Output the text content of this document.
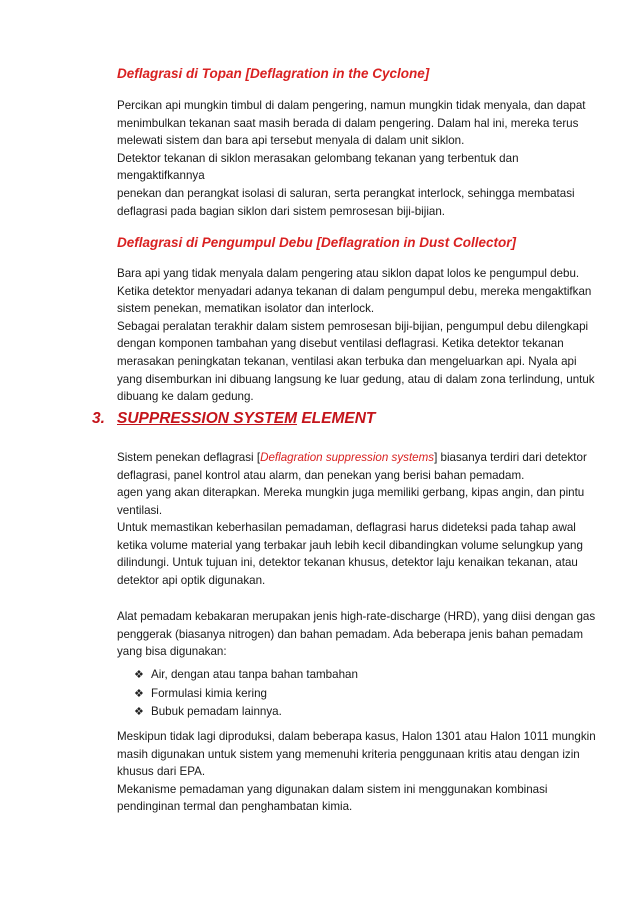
Deflagrasi di Topan [Deflagration in the Cyclone]

Percikan api mungkin timbul di dalam pengering, namun mungkin tidak menyala, dan dapat
menimbulkan tekanan saat masih berada di dalam pengering. Dalam hal ini, mereka terus
melewati sistem dan bara api tersebut menyala di dalam unit siklon.
Detektor tekanan di siklon merasakan gelombang tekanan yang terbentuk dan
mengaktifkannya
penekan dan perangkat isolasi di saluran, serta perangkat interlock, sehingga membatasi
deflagrasi pada bagian siklon dari sistem pemrosesan biji-bijian.

Deflagrasi di Pengumpul Debu [Deflagration in Dust Collector]

Bara api yang tidak menyala dalam pengering atau siklon dapat lolos ke pengumpul debu.
Ketika detektor menyadari adanya tekanan di dalam pengumpul debu, mereka mengaktifkan
sistem penekan, mematikan isolator dan interlock.
Sebagai peralatan terakhir dalam sistem pemrosesan biji-bijian, pengumpul debu dilengkapi
dengan komponen tambahan yang disebut ventilasi deflagrasi. Ketika detektor tekanan
merasakan peningkatan tekanan, ventilasi akan terbuka dan mengeluarkan api. Nyala api
yang disemburkan ini dibuang langsung ke luar gedung, atau di dalam zona terlindung, untuk
dibuang ke dalam gedung.

3. SUPPRESSION SYSTEM ELEMENT

Sistem penekan deflagrasi [Deflagration suppression systems] biasanya terdiri dari detektor
deflagrasi, panel kontrol atau alarm, dan penekan yang berisi bahan pemadam.
agen yang akan diterapkan. Mereka mungkin juga memiliki gerbang, kipas angin, dan pintu
ventilasi.

Untuk memastikan keberhasilan pemadaman, deflagrasi harus dideteksi pada tahap awal
ketika volume material yang terbakar jauh lebih kecil dibandingkan volume selungkup yang
dilindungi. Untuk tujuan ini, detektor tekanan khusus, detektor laju kenaikan tekanan, atau
detektor api optik digunakan.

Alat pemadam kebakaran merupakan jenis high-rate-discharge (HRD), yang diisi dengan gas
penggerak (biasanya nitrogen) dan bahan pemadam. Ada beberapa jenis bahan pemadam
yang bisa digunakan:

❖ Air, dengan atau tanpa bahan tambahan
❖ Formulasi kimia kering
❖ Bubuk pemadam lainnya.

Meskipun tidak lagi diproduksi, dalam beberapa kasus, Halon 1301 atau Halon 1011 mungkin
masih digunakan untuk sistem yang memenuhi kriteria penggunaan kritis atau dengan izin
khusus dari EPA.
Mekanisme pemadaman yang digunakan dalam sistem ini menggunakan kombinasi
pendinginan termal dan penghambatan kimia.
